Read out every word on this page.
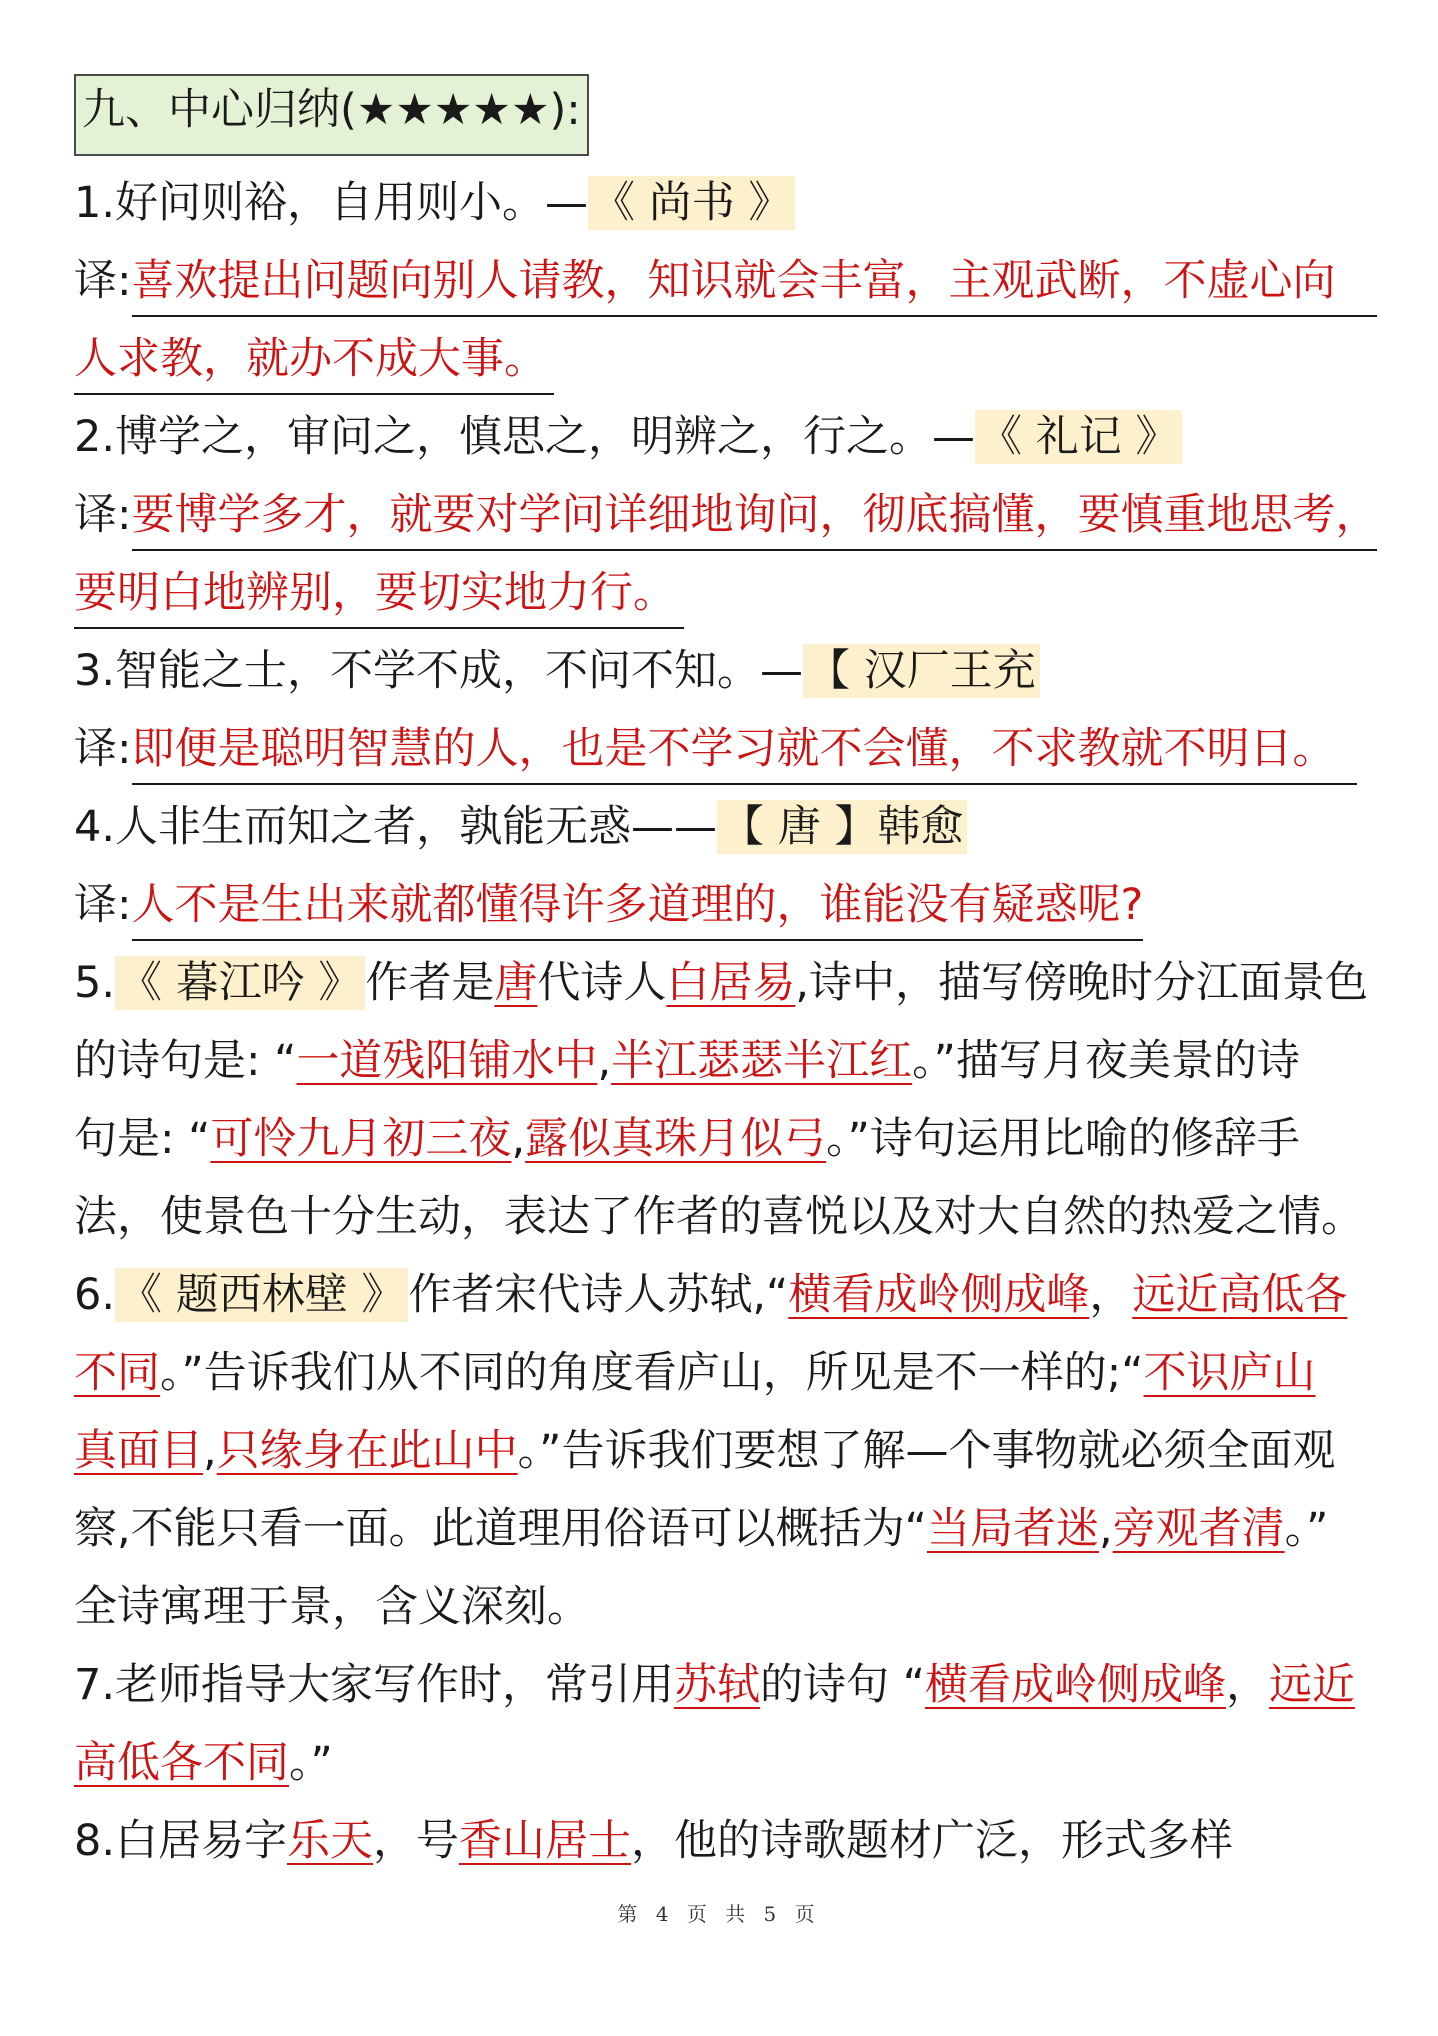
九、中心归纳(★★★★★):
1.好问则裕，自用则小。—《 尚书 》
译:喜欢提出问题向别人请教，知识就会丰富，主观武断，不虚心向
人求教，就办不成大事。
2.博学之，审问之，慎思之，明辨之，行之。—《 礼记 》
译:要博学多才，就要对学问详细地询问，彻底搞懂，要慎重地思考，
要明白地辨别，要切实地力行。
3.智能之士，不学不成，不问不知。—【 汉厂王充
译:即便是聪明智慧的人，也是不学习就不会懂，不求教就不明日。
4.人非生而知之者，孰能无惑——【 唐 】韩愈
译:人不是生出来就都懂得许多道理的，谁能没有疑惑呢?
5.《 暮江吟 》作者是唐代诗人白居易,诗中，描写傍晚时分江面景色
的诗句是: “一道残阳铺水中,半江瑟瑟半江红。”描写月夜美景的诗
句是: “可怜九月初三夜,露似真珠月似弓。”诗句运用比喻的修辞手
法，使景色十分生动，表达了作者的喜悦以及对大自然的热爱之情。
6.《 题西林壁 》作者宋代诗人苏轼,“横看成岭侧成峰，远近高低各
不同。”告诉我们从不同的角度看庐山，所见是不一样的;“不识庐山
真面目,只缘身在此山中。”告诉我们要想了解—个事物就必须全面观
察,不能只看一面。此道理用俗语可以概括为“当局者迷,旁观者清。”
全诗寓理于景，含义深刻。
7.老师指导大家写作时，常引用苏轼的诗句 “横看成岭侧成峰，远近
高低各不同。”
8.白居易字乐天，号香山居士，他的诗歌题材广泛，形式多样
第 4 页 共 5 页
